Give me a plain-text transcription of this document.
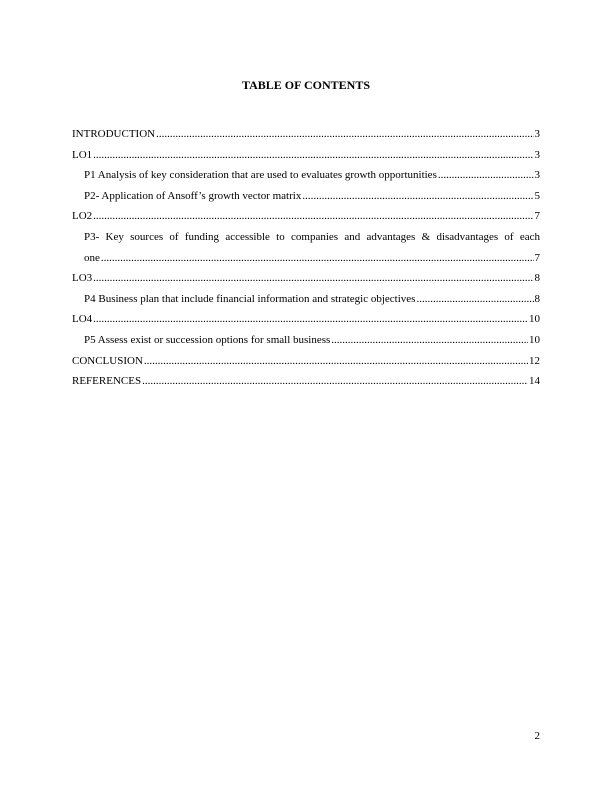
TABLE OF CONTENTS
INTRODUCTION .....	3
LO1 .....	3
P1 Analysis of key consideration that are used to evaluates growth opportunities .....	3
P2- Application of Ansoff’s growth vector matrix .....	5
LO2 .....	7
P3- Key sources of funding accessible to companies and advantages & disadvantages of each
one .....	7
LO3 .....	8
P4 Business plan that include financial information and strategic objectives .....	8
LO4 .....	10
P5 Assess exist or succession options for small business .....	10
CONCLUSION .....	12
REFERENCES .....	14
2
